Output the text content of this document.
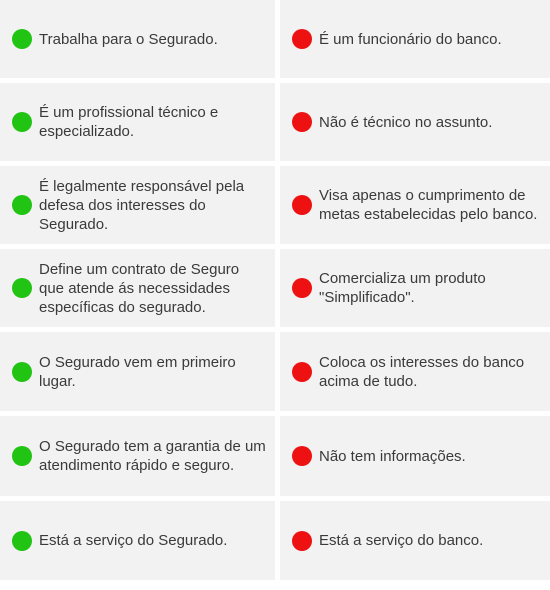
Trabalha para o Segurado.	É um funcionário do banco.
É um profissional técnico e especializado.
Não é técnico no assunto.
É legalmente responsável pela defesa dos interesses do Segurado.
Visa apenas o cumprimento de metas estabelecidas pelo banco.
Define um contrato de Seguro que atende ás necessidades específicas do segurado.
Comercializa um produto "Simplificado".
O Segurado vem em primeiro lugar.
Coloca os interesses do banco acima de tudo.
O Segurado tem a garantia de um atendimento rápido e seguro.
Não tem informações.
Está a serviço do Segurado.	Está a serviço do banco.
